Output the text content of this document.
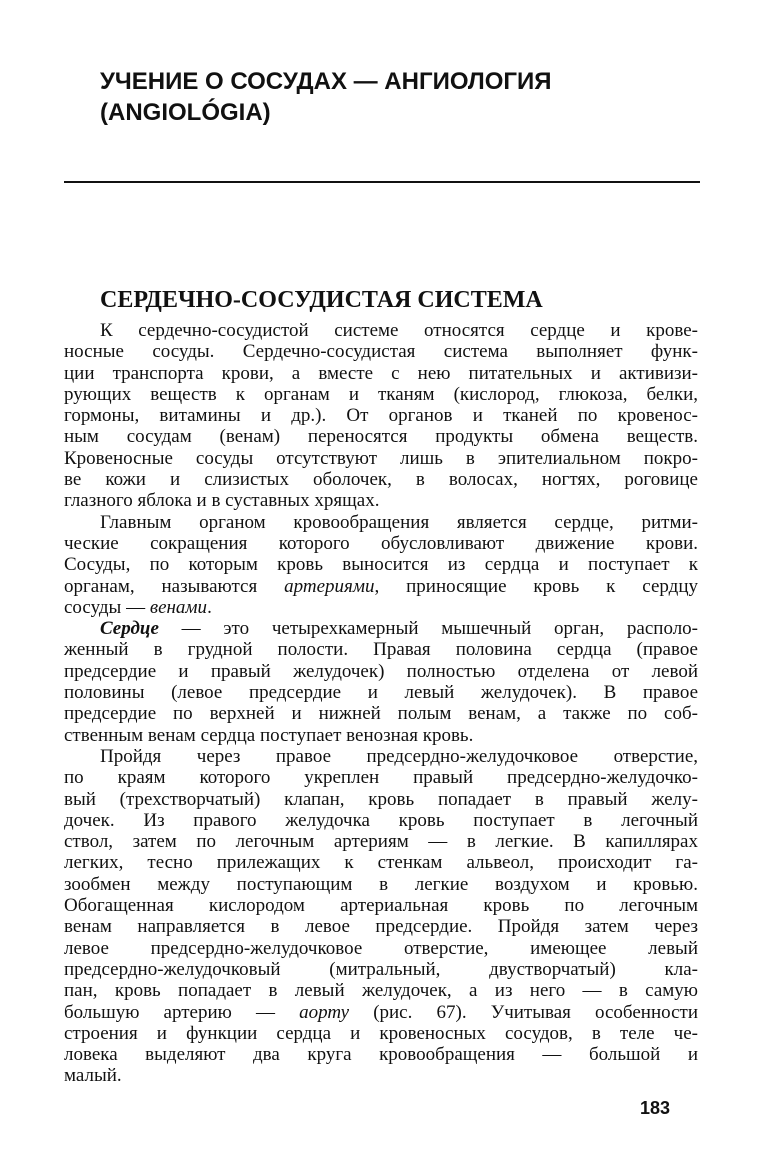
УЧЕНИЕ О СОСУДАХ — АНГИОЛОГИЯ
(ANGIOLÓGIA)
СЕРДЕЧНО-СОСУДИСТАЯ СИСТЕМА

К сердечно-сосудистой системе относятся сердце и крове-
носные сосуды. Сердечно-сосудистая система выполняет функ-
ции транспорта крови, а вместе с нею питательных и активизи-
рующих веществ к органам и тканям (кислород, глюкоза, белки,
гормоны, витамины и др.). От органов и тканей по кровенос-
ным сосудам (венам) переносятся продукты обмена веществ.
Кровеносные сосуды отсутствуют лишь в эпителиальном покро-
ве кожи и слизистых оболочек, в волосах, ногтях, роговице
глазного яблока и в суставных хрящах.

Главным органом кровообращения является сердце, ритми-
ческие сокращения которого обусловливают движение крови.
Сосуды, по которым кровь выносится из сердца и поступает к
органам, называются артериями, приносящие кровь к сердцу
сосуды — венами.

Сердце — это четырехкамерный мышечный орган, располо-
женный в грудной полости. Правая половина сердца (правое
предсердие и правый желудочек) полностью отделена от левой
половины (левое предсердие и левый желудочек). В правое
предсердие по верхней и нижней полым венам, а также по соб-
ственным венам сердца поступает венозная кровь.

Пройдя через правое предсердно-желудочковое отверстие,
по краям которого укреплен правый предсердно-желудочко-
вый (трехстворчатый) клапан, кровь попадает в правый желу-
дочек. Из правого желудочка кровь поступает в легочный
ствол, затем по легочным артериям — в легкие. В капиллярах
легких, тесно прилежащих к стенкам альвеол, происходит га-
зообмен между поступающим в легкие воздухом и кровью.
Обогащенная кислородом артериальная кровь по легочным
венам направляется в левое предсердие. Пройдя затем через
левое предсердно-желудочковое отверстие, имеющее левый
предсердно-желудочковый (митральный, двустворчатый) кла-
пан, кровь попадает в левый желудочек, а из него — в самую
большую артерию — аорту (рис. 67). Учитывая особенности
строения и функции сердца и кровеносных сосудов, в теле че-
ловека выделяют два круга кровообращения — большой и
малый.

183
